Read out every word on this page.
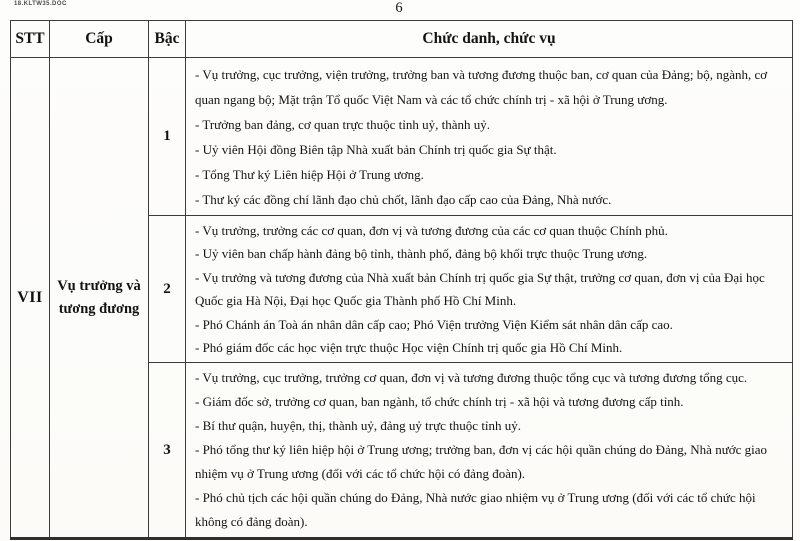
18.KLTW35.DOC	6
STT	Cấp	Bậc	Chức danh, chức vụ
VII	Vụ trưởng và tương đương	1	- Vụ trưởng, cục trưởng, viện trưởng, trưởng ban và tương đương thuộc ban, cơ quan của Đảng; bộ, ngành, cơ quan ngang bộ; Mặt trận Tổ quốc Việt Nam và các tổ chức chính trị - xã hội ở Trung ương.

- Trưởng ban đảng, cơ quan trực thuộc tỉnh uỷ, thành uỷ.

- Uỷ viên Hội đồng Biên tập Nhà xuất bản Chính trị quốc gia Sự thật.

- Tổng Thư ký Liên hiệp Hội ở Trung ương.

- Thư ký các đồng chí lãnh đạo chủ chốt, lãnh đạo cấp cao của Đảng, Nhà nước.

		2	- Vụ trưởng, trưởng các cơ quan, đơn vị và tương đương của các cơ quan thuộc Chính phủ.

- Uỷ viên ban chấp hành đảng bộ tỉnh, thành phố, đảng bộ khối trực thuộc Trung ương.

- Vụ trưởng và tương đương của Nhà xuất bản Chính trị quốc gia Sự thật, trưởng cơ quan, đơn vị của Đại học Quốc gia Hà Nội, Đại học Quốc gia Thành phố Hồ Chí Minh.

- Phó Chánh án Toà án nhân dân cấp cao; Phó Viện trưởng Viện Kiểm sát nhân dân cấp cao.

- Phó giám đốc các học viện trực thuộc Học viện Chính trị quốc gia Hồ Chí Minh.

		3	- Vụ trưởng, cục trưởng, trưởng cơ quan, đơn vị và tương đương thuộc tổng cục và tương đương tổng cục.

- Giám đốc sở, trưởng cơ quan, ban ngành, tổ chức chính trị - xã hội và tương đương cấp tỉnh.

- Bí thư quận, huyện, thị, thành uỷ, đảng uỷ trực thuộc tỉnh uỷ.

- Phó tổng thư ký liên hiệp hội ở Trung ương; trưởng ban, đơn vị các hội quần chúng do Đảng, Nhà nước giao nhiệm vụ ở Trung ương (đối với các tổ chức hội có đảng đoàn).

- Phó chủ tịch các hội quần chúng do Đảng, Nhà nước giao nhiệm vụ ở Trung ương (đối với các tổ chức hội không có đảng đoàn).
